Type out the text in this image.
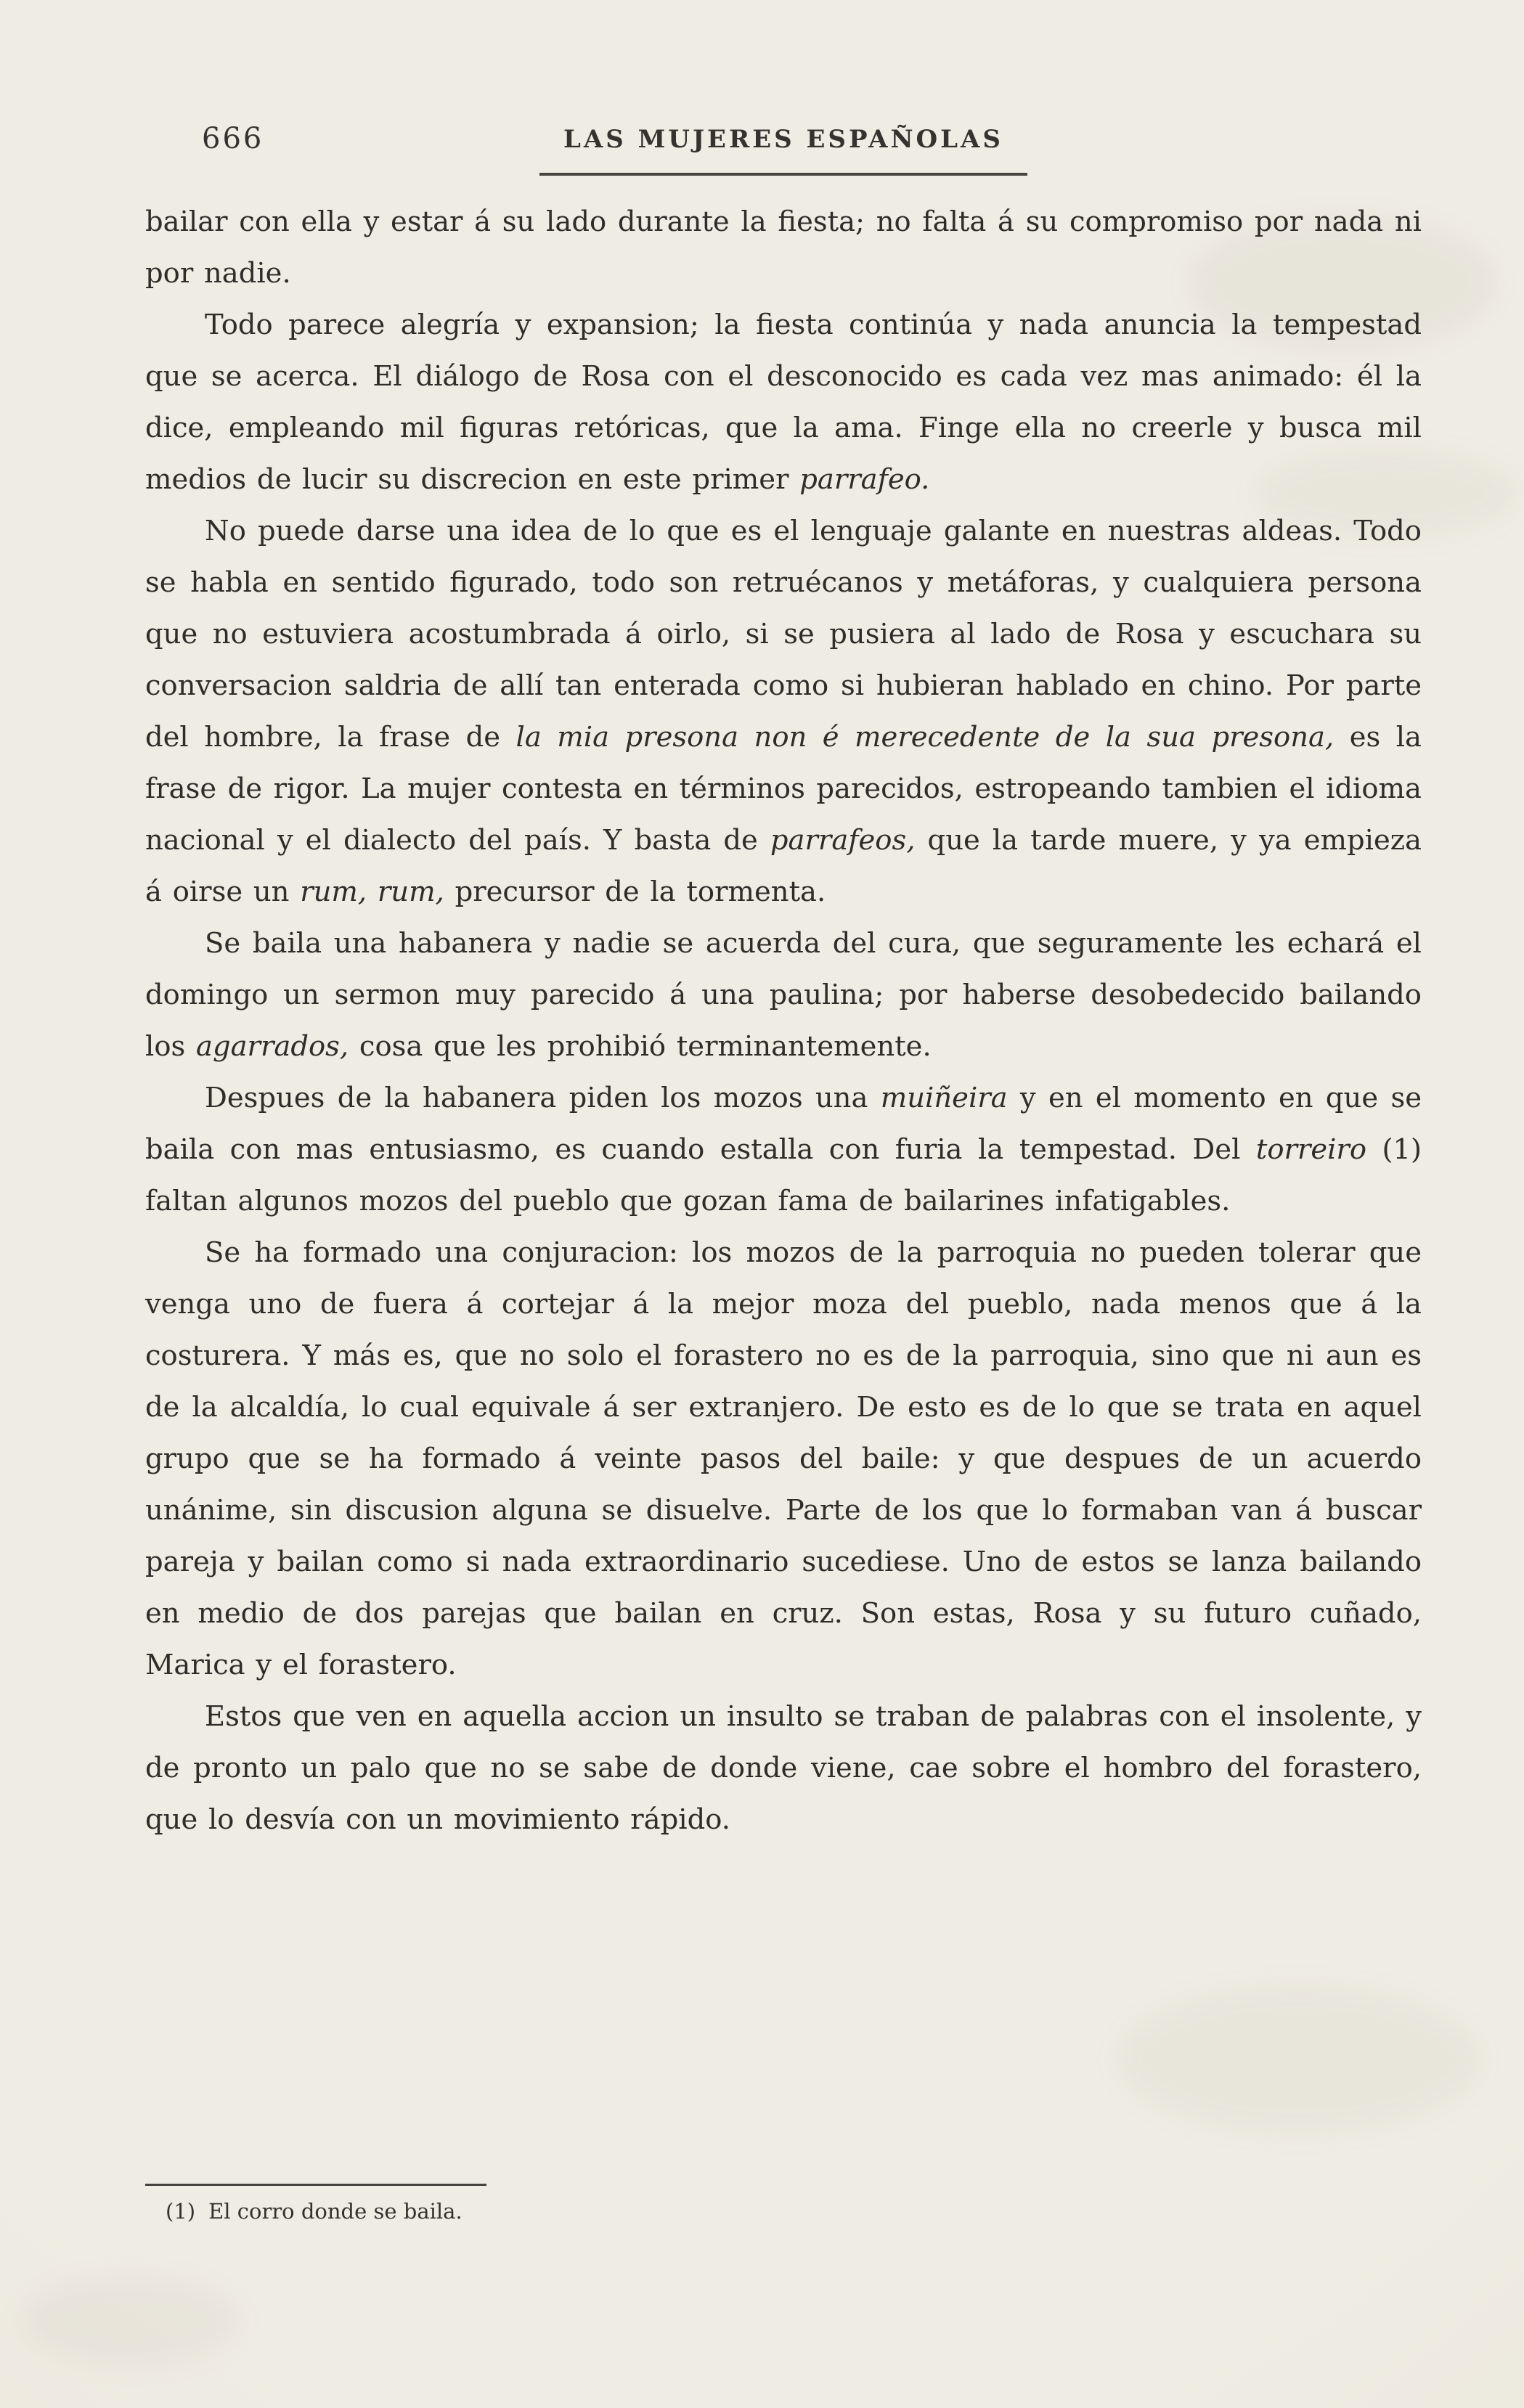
666	LAS MUJERES ESPAÑOLAS

bailar con ella y estar á su lado durante la fiesta; no falta á su compromiso por nada ni por nadie.

Todo parece alegría y expansion; la fiesta continúa y nada anuncia la tempestad que se acerca. El diálogo de Rosa con el desconocido es cada vez mas animado: él la dice, empleando mil figuras retóricas, que la ama. Finge ella no creerle y busca mil medios de lucir su discrecion en este primer parrafeo.

No puede darse una idea de lo que es el lenguaje galante en nuestras aldeas. Todo se habla en sentido figurado, todo son retruécanos y metáforas, y cualquiera persona que no estuviera acostumbrada á oirlo, si se pusiera al lado de Rosa y escuchara su conversacion saldria de allí tan enterada como si hubieran hablado en chino. Por parte del hombre, la frase de la mia presona non é merecedente de la sua presona, es la frase de rigor. La mujer contesta en términos parecidos, estropeando tambien el idioma nacional y el dialecto del país. Y basta de parrafeos, que la tarde muere, y ya empieza á oirse un rum, rum, precursor de la tormenta.

Se baila una habanera y nadie se acuerda del cura, que seguramente les echará el domingo un sermon muy parecido á una paulina; por haberse desobedecido bailando los agarrados, cosa que les prohibió terminantemente.

Despues de la habanera piden los mozos una muiñeira y en el momento en que se baila con mas entusiasmo, es cuando estalla con furia la tempestad. Del torreiro (1) faltan algunos mozos del pueblo que gozan fama de bailarines infatigables.

Se ha formado una conjuracion: los mozos de la parroquia no pueden tolerar que venga uno de fuera á cortejar á la mejor moza del pueblo, nada menos que á la costurera. Y más es, que no solo el forastero no es de la parroquia, sino que ni aun es de la alcaldía, lo cual equivale á ser extranjero. De esto es de lo que se trata en aquel grupo que se ha formado á veinte pasos del baile: y que despues de un acuerdo unánime, sin discusion alguna se disuelve. Parte de los que lo formaban van á buscar pareja y bailan como si nada extraordinario sucediese. Uno de estos se lanza bailando en medio de dos parejas que bailan en cruz. Son estas, Rosa y su futuro cuñado, Marica y el forastero.

Estos que ven en aquella accion un insulto se traban de palabras con el insolente, y de pronto un palo que no se sabe de donde viene, cae sobre el hombro del forastero, que lo desvía con un movimiento rápido.

(1) El corro donde se baila.
